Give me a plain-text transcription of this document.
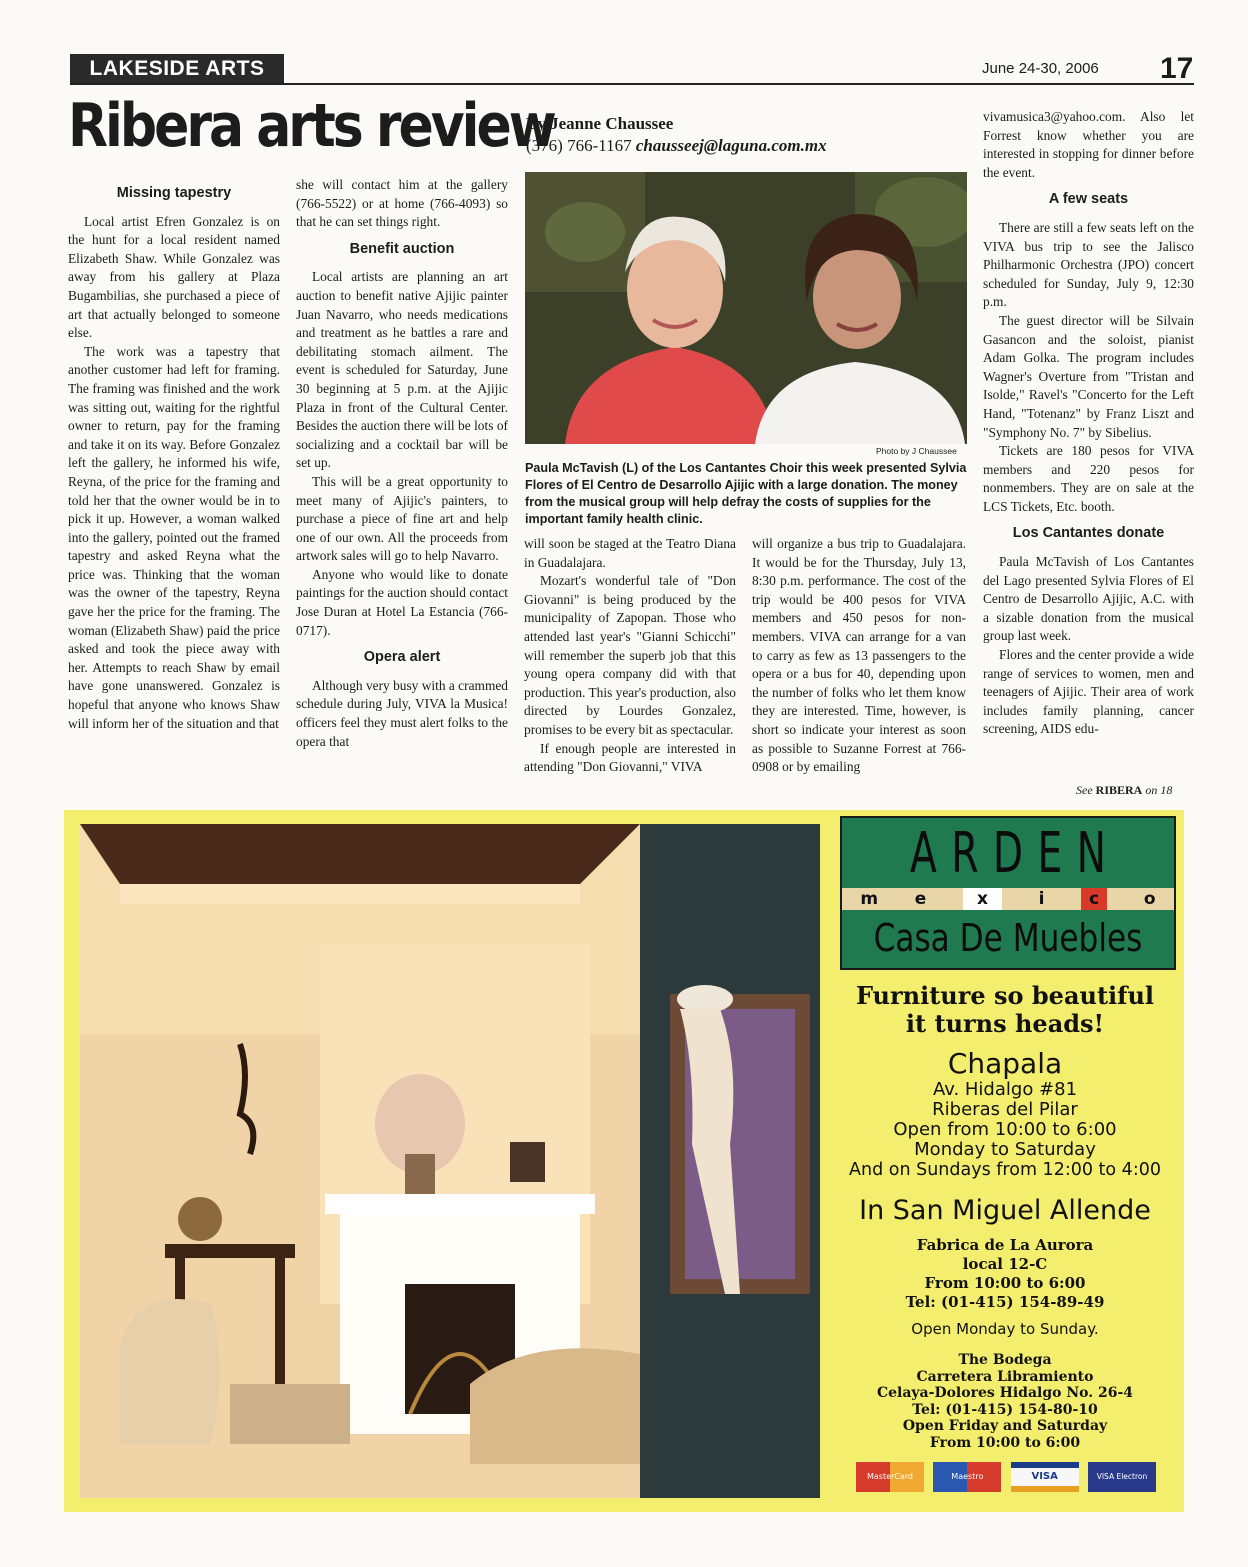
LAKESIDE ARTS	June 24-30, 2006 17
Ribera arts review
By Jeanne Chaussee
(376) 766-1167 chausseej@laguna.com.mx
Missing tapestry

Local artist Efren Gonzalez is on the hunt for a local resident named Elizabeth Shaw. While Gonzalez was away from his gallery at Plaza Bugambilias, she purchased a piece of art that actually belonged to someone else.

The work was a tapestry that another customer had left for framing. The framing was finished and the work was sitting out, waiting for the rightful owner to return, pay for the framing and take it on its way. Before Gonzalez left the gallery, he informed his wife, Reyna, of the price for the framing and told her that the owner would be in to pick it up. However, a woman walked into the gallery, pointed out the framed tapestry and asked Reyna what the price was. Thinking that the woman was the owner of the tapestry, Reyna gave her the price for the framing. The woman (Elizabeth Shaw) paid the price asked and took the piece away with her. Attempts to reach Shaw by email have gone unanswered. Gonzalez is hopeful that anyone who knows Shaw will inform her of the situation and that

she will contact him at the gallery (766-5522) or at home (766-4093) so that he can set things right.

Benefit auction

Local artists are planning an art auction to benefit native Ajijic painter Juan Navarro, who needs medications and treatment as he battles a rare and debilitating stomach ailment. The event is scheduled for Saturday, June 30 beginning at 5 p.m. at the Ajijic Plaza in front of the Cultural Center. Besides the auction there will be lots of socializing and a cocktail bar will be set up.

This will be a great opportunity to meet many of Ajijic's painters, to purchase a piece of fine art and help one of our own. All the proceeds from artwork sales will go to help Navarro.

Anyone who would like to donate paintings for the auction should contact Jose Duran at Hotel La Estancia (766-0717).

Opera alert

Although very busy with a crammed schedule during July, VIVA la Musica! officers feel they must alert folks to the opera that

Photo by J Chaussee
Paula McTavish (L) of the Los Cantantes Choir this week presented Sylvia Flores of El Centro de Desarrollo Ajijic with a large donation. The money from the musical group will help defray the costs of supplies for the important family health clinic.

will soon be staged at the Teatro Diana in Guadalajara.

Mozart's wonderful tale of "Don Giovanni" is being produced by the municipality of Zapopan. Those who attended last year's "Gianni Schicchi" will remember the superb job that this young opera company did with that production. This year's production, also directed by Lourdes Gonzalez, promises to be every bit as spectacular.

If enough people are interested in attending "Don Giovanni," VIVA

will organize a bus trip to Guadalajara. It would be for the Thursday, July 13, 8:30 p.m. performance. The cost of the trip would be 400 pesos for VIVA members and 450 pesos for non-members. VIVA can arrange for a van to carry as few as 13 passengers to the opera or a bus for 40, depending upon the number of folks who let them know they are interested. Time, however, is short so indicate your interest as soon as possible to Suzanne Forrest at 766-0908 or by emailing

vivamusica3@yahoo.com. Also let Forrest know whether you are interested in stopping for dinner before the event.

A few seats

There are still a few seats left on the VIVA bus trip to see the Jalisco Philharmonic Orchestra (JPO) concert scheduled for Sunday, July 9, 12:30 p.m.

The guest director will be Silvain Gasancon and the soloist, pianist Adam Golka. The program includes Wagner's Overture from "Tristan and Isolde," Ravel's "Concerto for the Left Hand, "Totenanz" by Franz Liszt and "Symphony No. 7" by Sibelius.

Tickets are 180 pesos for VIVA members and 220 pesos for nonmembers. They are on sale at the LCS Tickets, Etc. booth.

Los Cantantes donate

Paula McTavish of Los Cantantes del Lago presented Sylvia Flores of El Centro de Desarrollo Ajijic, A.C. with a sizable donation from the musical group last week.

Flores and the center provide a wide range of services to women, men and teenagers of Ajijic. Their area of work includes family planning, cancer screening, AIDS edu-

See RIBERA on 18
A R D E N
m e	x	i	c	o
Casa De Muebles
Furniture so beautiful
it turns heads!
Chapala
Av. Hidalgo #81
Riberas del Pilar
Open from 10:00 to 6:00
Monday to Saturday
And on Sundays from 12:00 to 4:00
In San Miguel Allende
Fabrica de La Aurora
local 12-C
From 10:00 to 6:00
Tel: (01-415) 154-89-49
Open Monday to Sunday.
The Bodega
Carretera Libramiento
Celaya-Dolores Hidalgo No. 26-4
Tel: (01-415) 154-80-10
Open Friday and Saturday
From 10:00 to 6:00
MasterCard	Maestro	VISA	VISA Electron
